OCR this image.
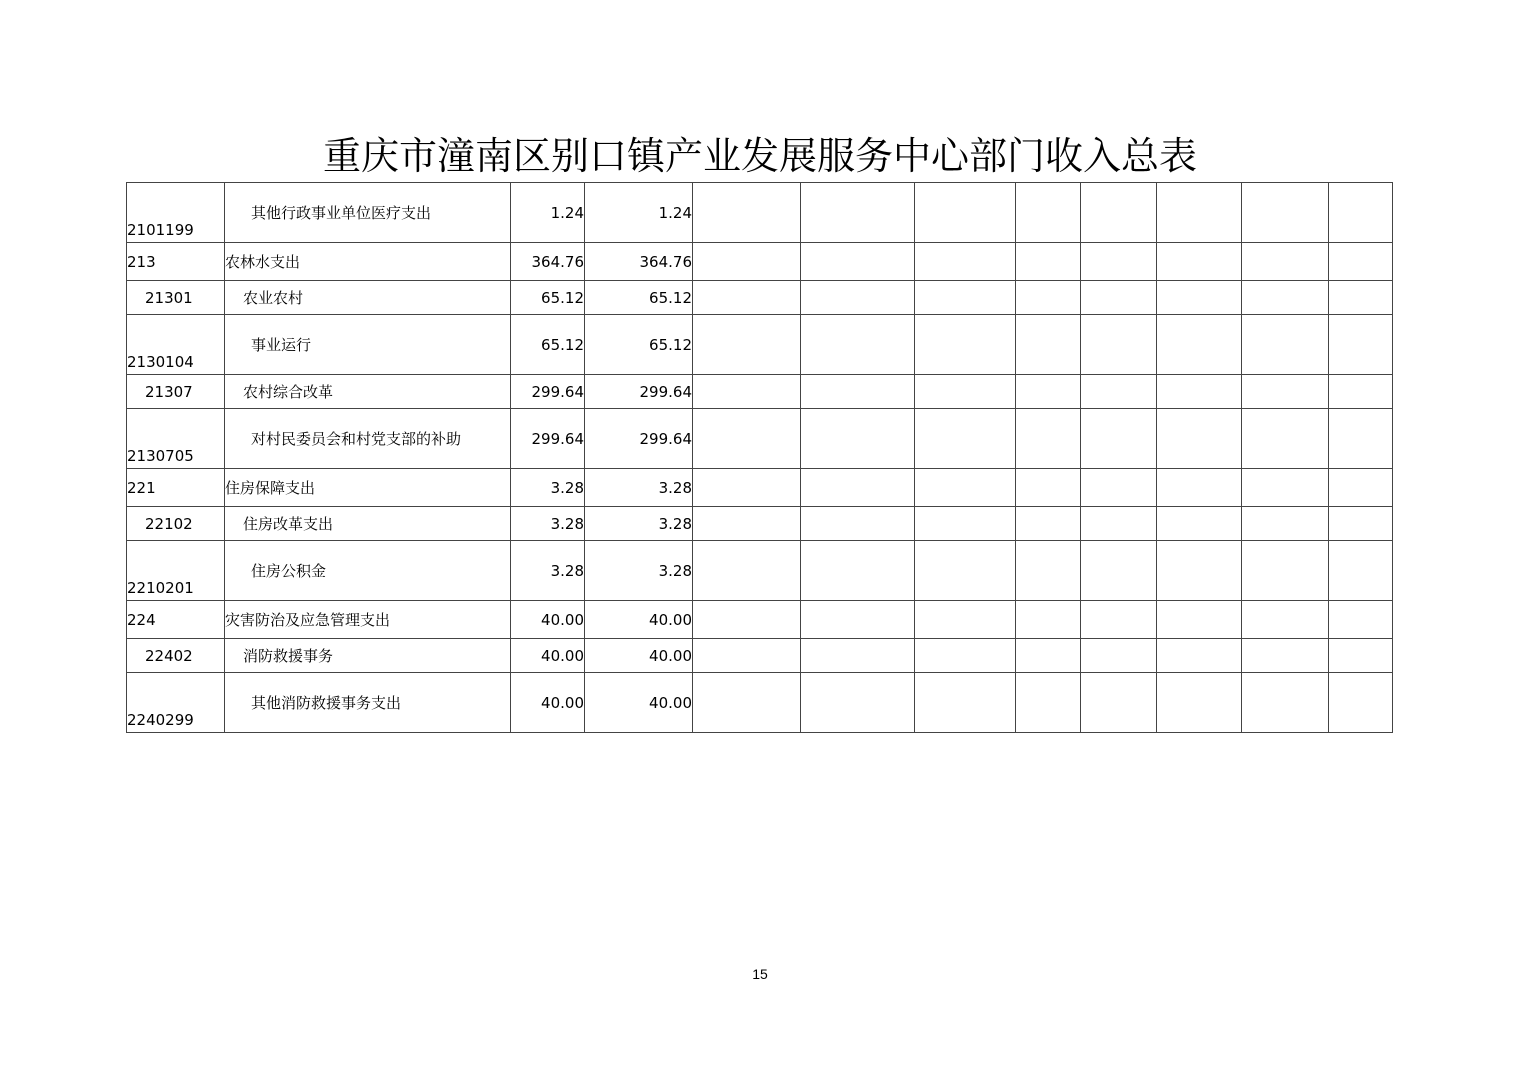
重庆市潼南区别口镇产业发展服务中心部门收入总表
2101199	其他行政事业单位医疗支出	1.24	1.24								
213	农林水支出	364.76	364.76								
21301	农业农村	65.12	65.12								
2130104	事业运行	65.12	65.12								
21307	农村综合改革	299.64	299.64								
2130705	对村民委员会和村党支部的补助	299.64	299.64								
221	住房保障支出	3.28	3.28								
22102	住房改革支出	3.28	3.28								
2210201	住房公积金	3.28	3.28								
224	灾害防治及应急管理支出	40.00	40.00								
22402	消防救援事务	40.00	40.00								
2240299	其他消防救援事务支出	40.00	40.00								
15
